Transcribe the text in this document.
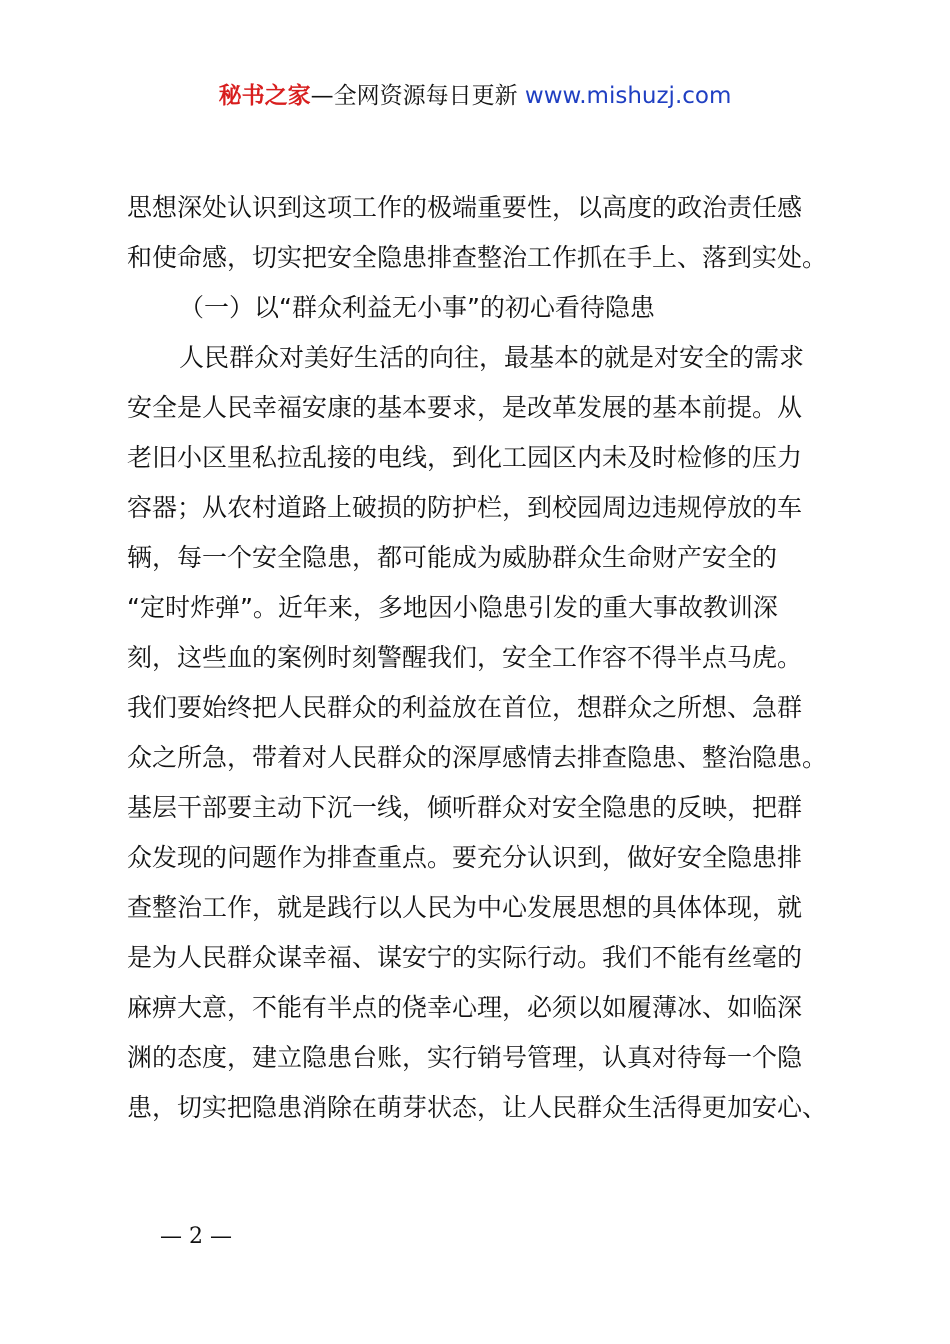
秘书之家—全网资源每日更新 www.mishuzj.com
思想深处认识到这项工作的极端重要性，以高度的政治责任感
和使命感，切实把安全隐患排查整治工作抓在手上、落到实处。
（一）以“群众利益无小事”的初心看待隐患
人民群众对美好生活的向往，最基本的就是对安全的需求
安全是人民幸福安康的基本要求，是改革发展的基本前提。从
老旧小区里私拉乱接的电线，到化工园区内未及时检修的压力
容器；从农村道路上破损的防护栏，到校园周边违规停放的车
辆，每一个安全隐患，都可能成为威胁群众生命财产安全的
“定时炸弹”。近年来，多地因小隐患引发的重大事故教训深
刻，这些血的案例时刻警醒我们，安全工作容不得半点马虎。
我们要始终把人民群众的利益放在首位，想群众之所想、急群
众之所急，带着对人民群众的深厚感情去排查隐患、整治隐患。
基层干部要主动下沉一线，倾听群众对安全隐患的反映，把群
众发现的问题作为排查重点。要充分认识到，做好安全隐患排
查整治工作，就是践行以人民为中心发展思想的具体体现，就
是为人民群众谋幸福、谋安宁的实际行动。我们不能有丝毫的
麻痹大意，不能有半点的侥幸心理，必须以如履薄冰、如临深
渊的态度，建立隐患台账，实行销号管理，认真对待每一个隐
患，切实把隐患消除在萌芽状态，让人民群众生活得更加安心、
— 2 —
